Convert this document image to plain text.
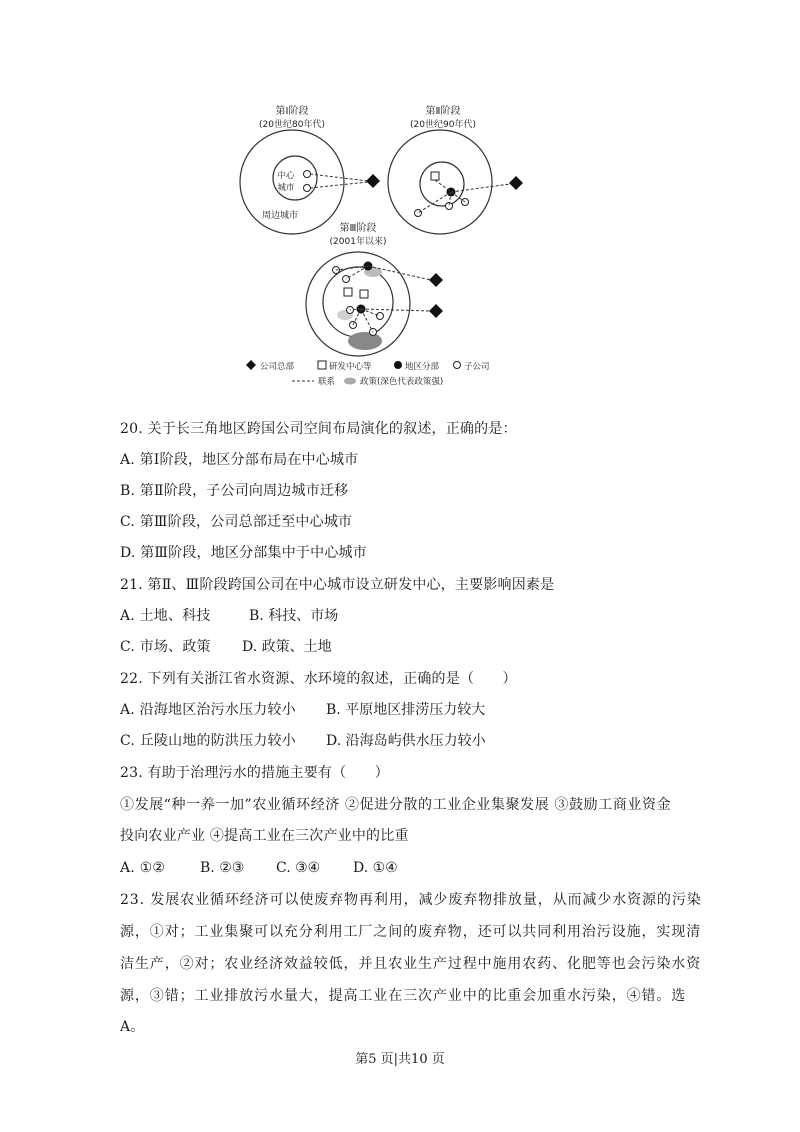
第Ⅰ阶段
(20世纪80年代)
中心
城市
周边城市
第Ⅱ阶段
(20世纪90年代)
第Ⅲ阶段
(2001年以来)
公司总部	研发中心等	地区分部	子公司
联系	政策(深色代表政策强)
20. 关于长三角地区跨国公司空间布局演化的叙述，正确的是：
A. 第Ⅰ阶段，地区分部布局在中心城市
B. 第Ⅱ阶段，子公司向周边城市迁移
C. 第Ⅲ阶段，公司总部迁至中心城市
D. 第Ⅲ阶段，地区分部集中于中心城市
21. 第Ⅱ、Ⅲ阶段跨国公司在中心城市设立研发中心，主要影响因素是
A. 土地、科技	B. 科技、市场
C. 市场、政策 D. 政策、土地
22. 下列有关浙江省水资源、水环境的叙述，正确的是（　　）
A. 沿海地区治污水压力较小 B. 平原地区排涝压力较大
C. 丘陵山地的防洪压力较小 D. 沿海岛屿供水压力较小
23. 有助于治理污水的措施主要有（　　）
①发展“种一养一加”农业循环经济 ②促进分散的工业企业集聚发展 ③鼓励工商业资金
投向农业产业 ④提高工业在三次产业中的比重
A. ①② B. ②③ C. ③④ D. ①④
23. 发展农业循环经济可以使废弃物再利用，减少废弃物排放量，从而减少水资源的污染
源，①对；工业集聚可以充分利用工厂之间的废弃物，还可以共同利用治污设施，实现清
洁生产，②对；农业经济效益较低，并且农业生产过程中施用农药、化肥等也会污染水资
源，③错；工业排放污水量大，提高工业在三次产业中的比重会加重水污染，④错。选
A。
第5 页|共10 页
